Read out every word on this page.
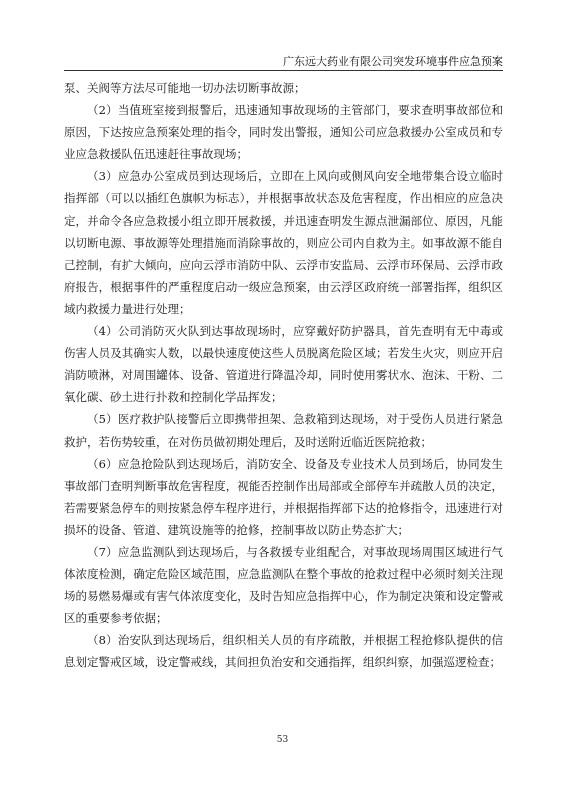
广东远大药业有限公司突发环境事件应急预案

泵、关阀等方法尽可能地一切办法切断事故源；

（2）当值班室接到报警后，迅速通知事故现场的主管部门，要求查明事故部位和原因，下达按应急预案处理的指令，同时发出警报，通知公司应急救援办公室成员和专业应急救援队伍迅速赶往事故现场；

（3）应急办公室成员到达现场后，立即在上风向或侧风向安全地带集合设立临时指挥部（可以以插红色旗帜为标志），并根据事故状态及危害程度，作出相应的应急决定，并命令各应急救援小组立即开展救援，并迅速查明发生源点泄漏部位、原因，凡能以切断电源、事故源等处理措施而消除事故的，则应公司内自救为主。如事故源不能自己控制，有扩大倾向，应向云浮市消防中队、云浮市安监局、云浮市环保局、云浮市政府报告，根据事件的严重程度启动一级应急预案，由云浮区政府统一部署指挥，组织区域内救援力量进行处理；

（4）公司消防灭火队到达事故现场时，应穿戴好防护器具，首先查明有无中毒或伤害人员及其确实人数，以最快速度使这些人员脱离危险区域；若发生火灾，则应开启消防喷淋，对周围罐体、设备、管道进行降温冷却，同时使用雾状水、泡沫、干粉、二氧化碳、砂土进行扑救和控制化学品挥发；

（5）医疗救护队接警后立即携带担架、急救箱到达现场，对于受伤人员进行紧急救护，若伤势较重，在对伤员做初期处理后，及时送附近临近医院抢救；

（6）应急抢险队到达现场后，消防安全、设备及专业技术人员到场后，协同发生事故部门查明判断事故危害程度，视能否控制作出局部或全部停车并疏散人员的决定，若需要紧急停车的则按紧急停车程序进行，并根据指挥部下达的抢修指令，迅速进行对损坏的设备、管道、建筑设施等的抢修，控制事故以防止势态扩大；

（7）应急监测队到达现场后，与各救援专业组配合，对事故现场周围区域进行气体浓度检测，确定危险区域范围，应急监测队在整个事故的抢救过程中必须时刻关注现场的易燃易爆或有害气体浓度变化，及时告知应急指挥中心，作为制定决策和设定警戒区的重要参考依据；

（8）治安队到达现场后，组织相关人员的有序疏散，并根据工程抢修队提供的信息划定警戒区域，设定警戒线，其间担负治安和交通指挥，组织纠察，加强巡逻检查；

53
